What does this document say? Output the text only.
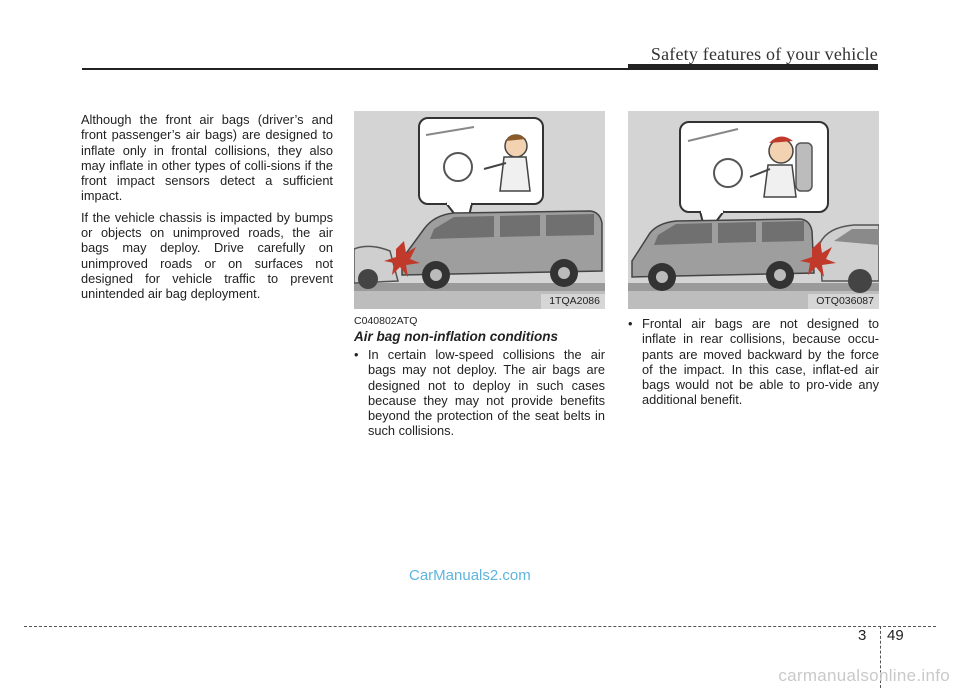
Safety features of your vehicle

Although the front air bags (driver’s and front passenger’s air bags) are designed to inflate only in frontal collisions, they also may inflate in other types of colli-sions if the front impact sensors detect a sufficient impact.

If the vehicle chassis is impacted by bumps or objects on unimproved roads, the air bags may deploy. Drive carefully on unimproved roads or on surfaces not designed for vehicle traffic to prevent unintended air bag deployment.	1TQA2086	OTQ036087
C040802ATQ
Air bag non-inflation conditions
• In certain low-speed collisions the air bags may not deploy. The air bags are designed not to deploy in such cases because they may not provide benefits beyond the protection of the seat belts in such collisions.
• Frontal air bags are not designed to inflate in rear collisions, because occu-pants are moved backward by the force of the impact. In this case, inflat-ed air bags would not be able to pro-vide any additional benefit.
CarManuals2.com
3 49
carmanualsonline.info
